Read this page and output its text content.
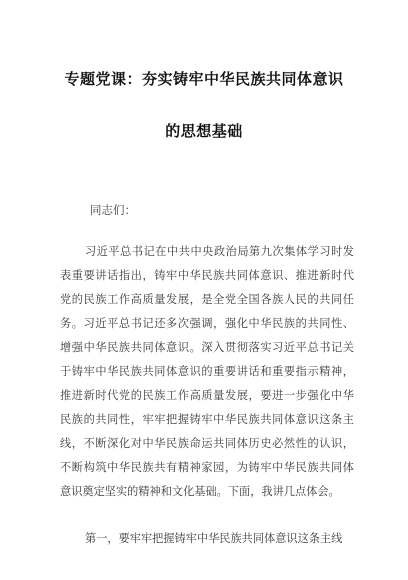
专题党课：夯实铸牢中华民族共同体意识
的思想基础
同志们：
习近平总书记在中共中央政治局第九次集体学习时发
表重要讲话指出，铸牢中华民族共同体意识、推进新时代
党的民族工作高质量发展，是全党全国各族人民的共同任
务。习近平总书记还多次强调，强化中华民族的共同性、
增强中华民族共同体意识。深入贯彻落实习近平总书记关
于铸牢中华民族共同体意识的重要讲话和重要指示精神，
推进新时代党的民族工作高质量发展，要进一步强化中华
民族的共同性，牢牢把握铸牢中华民族共同体意识这条主
线，不断深化对中华民族命运共同体历史必然性的认识，
不断构筑中华民族共有精神家园，为铸牢中华民族共同体
意识奠定坚实的精神和文化基础。下面，我讲几点体会。
第一，要牢牢把握铸牢中华民族共同体意识这条主线
